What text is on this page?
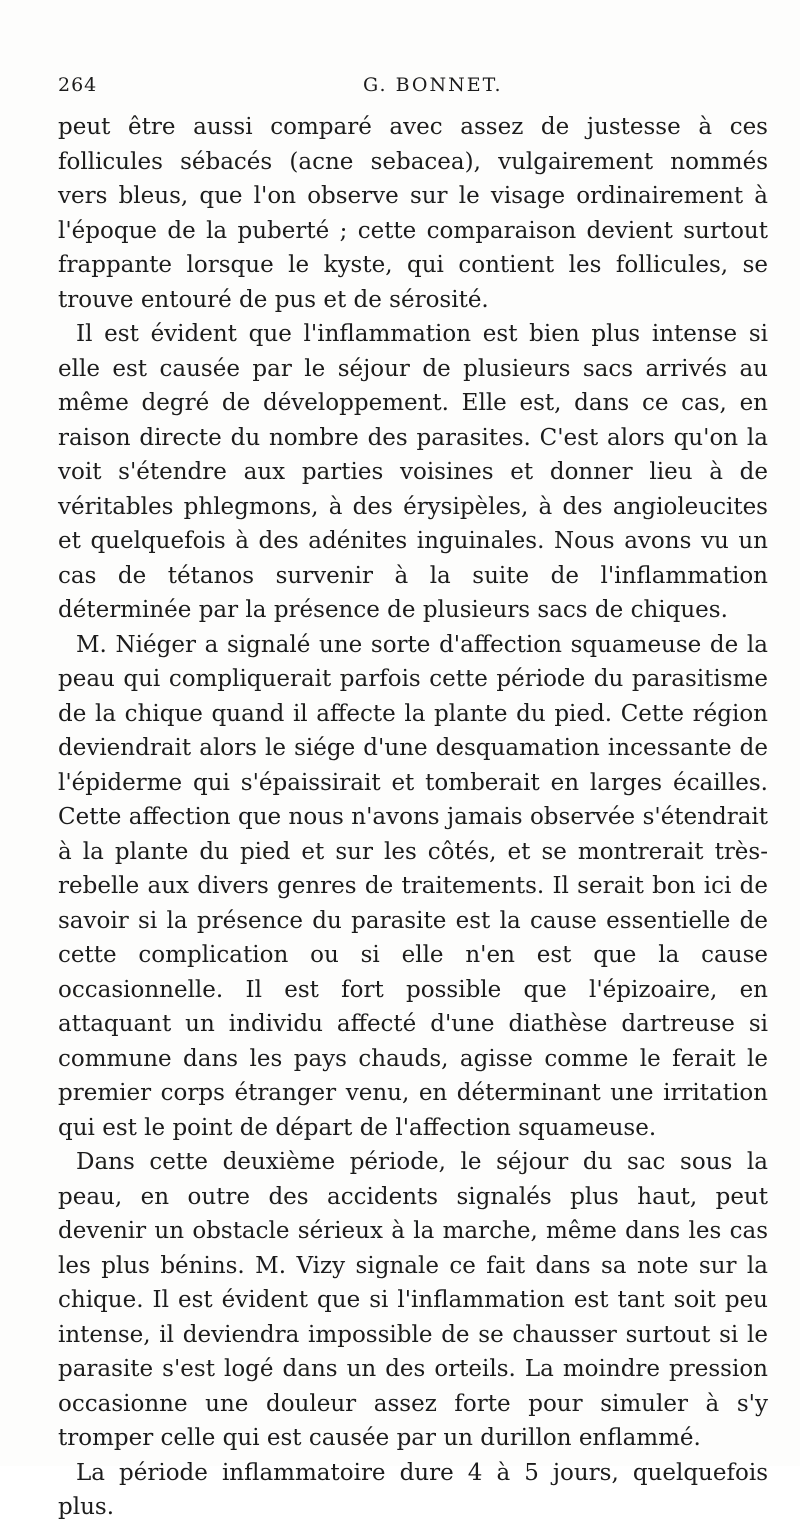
264	G. BONNET.

peut être aussi comparé avec assez de justesse à ces follicules sébacés (acne sebacea), vulgairement nommés vers bleus, que l'on observe sur le visage ordinairement à l'époque de la puberté ; cette comparaison devient surtout frappante lorsque le kyste, qui contient les follicules, se trouve entouré de pus et de sérosité.

Il est évident que l'inflammation est bien plus intense si elle est causée par le séjour de plusieurs sacs arrivés au même degré de développement. Elle est, dans ce cas, en raison directe du nombre des parasites. C'est alors qu'on la voit s'étendre aux parties voisines et donner lieu à de véritables phlegmons, à des érysipèles, à des angioleucites et quelquefois à des adénites inguinales. Nous avons vu un cas de tétanos survenir à la suite de l'inflammation déterminée par la présence de plusieurs sacs de chiques.

M. Niéger a signalé une sorte d'affection squameuse de la peau qui compliquerait parfois cette période du parasitisme de la chique quand il affecte la plante du pied. Cette région deviendrait alors le siége d'une desquamation incessante de l'épiderme qui s'épaissirait et tomberait en larges écailles. Cette affection que nous n'avons jamais observée s'étendrait à la plante du pied et sur les côtés, et se montrerait très-rebelle aux divers genres de traitements. Il serait bon ici de savoir si la présence du parasite est la cause essentielle de cette complication ou si elle n'en est que la cause occasionnelle. Il est fort possible que l'épizoaire, en attaquant un individu affecté d'une diathèse dartreuse si commune dans les pays chauds, agisse comme le ferait le premier corps étranger venu, en déterminant une irritation qui est le point de départ de l'affection squameuse.

Dans cette deuxième période, le séjour du sac sous la peau, en outre des accidents signalés plus haut, peut devenir un obstacle sérieux à la marche, même dans les cas les plus bénins. M. Vizy signale ce fait dans sa note sur la chique. Il est évident que si l'inflammation est tant soit peu intense, il deviendra impossible de se chausser surtout si le parasite s'est logé dans un des orteils. La moindre pression occasionne une douleur assez forte pour simuler à s'y tromper celle qui est causée par un durillon enflammé.

La période inflammatoire dure 4 à 5 jours, quelquefois plus.
